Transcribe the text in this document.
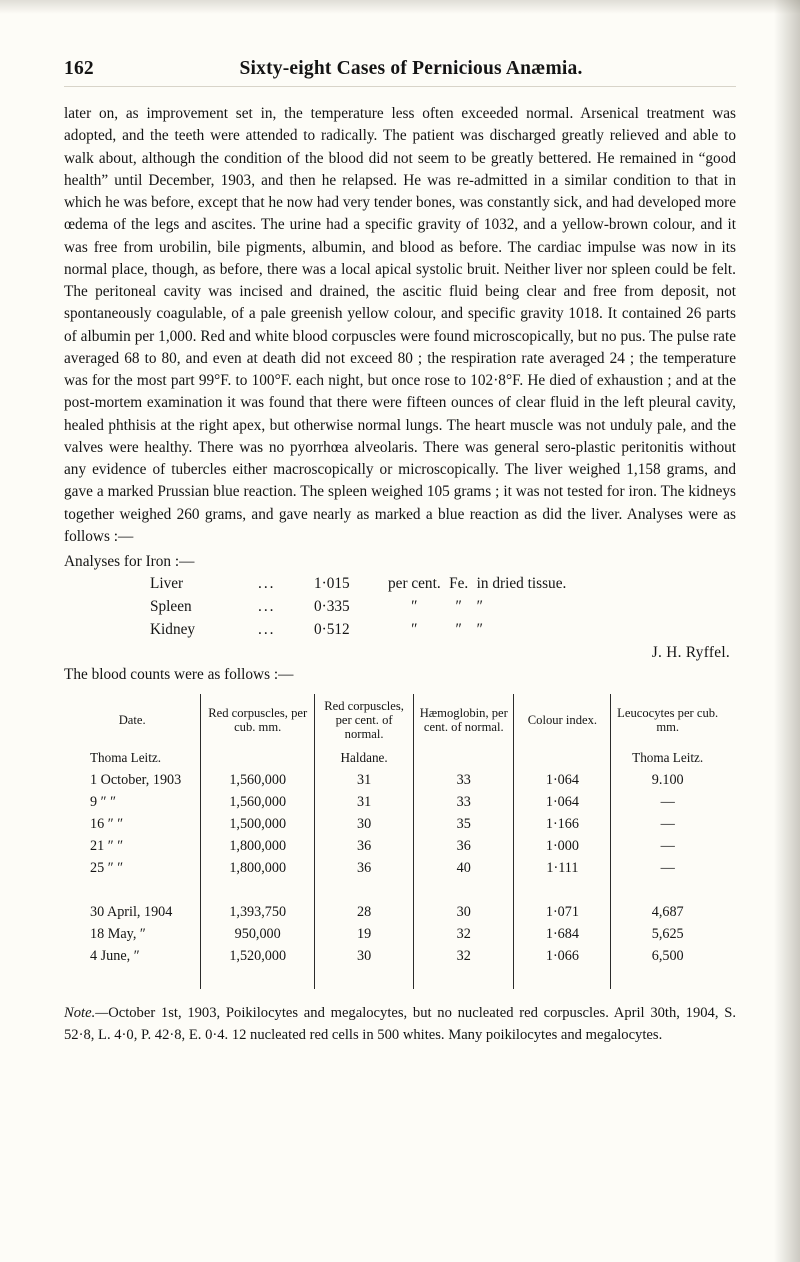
162	Sixty-eight Cases of Pernicious Anæmia.

later on, as improvement set in, the temperature less often exceeded normal. Arsenical treatment was adopted, and the teeth were attended to radically. The patient was discharged greatly relieved and able to walk about, although the condition of the blood did not seem to be greatly bettered. He remained in “good health” until December, 1903, and then he relapsed. He was re-admitted in a similar condition to that in which he was before, except that he now had very tender bones, was constantly sick, and had developed more œdema of the legs and ascites. The urine had a specific gravity of 1032, and a yellow-brown colour, and it was free from urobilin, bile pigments, albumin, and blood as before. The cardiac impulse was now in its normal place, though, as before, there was a local apical systolic bruit. Neither liver nor spleen could be felt. The peritoneal cavity was incised and drained, the ascitic fluid being clear and free from deposit, not spontaneously coagulable, of a pale greenish yellow colour, and specific gravity 1018. It contained 26 parts of albumin per 1,000. Red and white blood corpuscles were found microscopically, but no pus. The pulse rate averaged 68 to 80, and even at death did not exceed 80 ; the respiration rate averaged 24 ; the temperature was for the most part 99°F. to 100°F. each night, but once rose to 102·8°F. He died of exhaustion ; and at the post-mortem examination it was found that there were fifteen ounces of clear fluid in the left pleural cavity, healed phthisis at the right apex, but otherwise normal lungs. The heart muscle was not unduly pale, and the valves were healthy. There was no pyorrhœa alveolaris. There was general sero-plastic peritonitis without any evidence of tubercles either macroscopically or microscopically. The liver weighed 1,158 grams, and gave a marked Prussian blue reaction. The spleen weighed 105 grams ; it was not tested for iron. The kidneys together weighed 260 grams, and gave nearly as marked a blue reaction as did the liver. Analyses were as follows :—

Analyses for Iron :—
Liver	...	1·015	per cent.	Fe.	in dried tissue.
Spleen	...	0·335	″	″	″
Kidney	...	0·512	″	″	″
J. H. Ryffel.
The blood counts were as follows :—
Date.	Red corpuscles, per cub. mm.	Red corpuscles, per cent. of normal.	Hæmoglobin, per cent. of normal.	Colour index.	Leucocytes per cub. mm.
Thoma Leitz.		Haldane.			Thoma Leitz.
1 October, 1903	1,560,000	31	33	1·064	9.100
9 ″ ″	1,560,000	31	33	1·064	—
16 ″ ″	1,500,000	30	35	1·166	—
21 ″ ″	1,800,000	36	36	1·000	—
25 ″ ″	1,800,000	36	40	1·111	—

30 April, 1904	1,393,750	28	30	1·071	4,687
18 May, ″	950,000	19	32	1·684	5,625
4 June, ″	1,520,000	30	32	1·066	6,500

Note.—October 1st, 1903, Poikilocytes and megalocytes, but no nucleated red corpuscles. April 30th, 1904, S. 52·8, L. 4·0, P. 42·8, E. 0·4. 12 nucleated red cells in 500 whites. Many poikilocytes and megalocytes.
